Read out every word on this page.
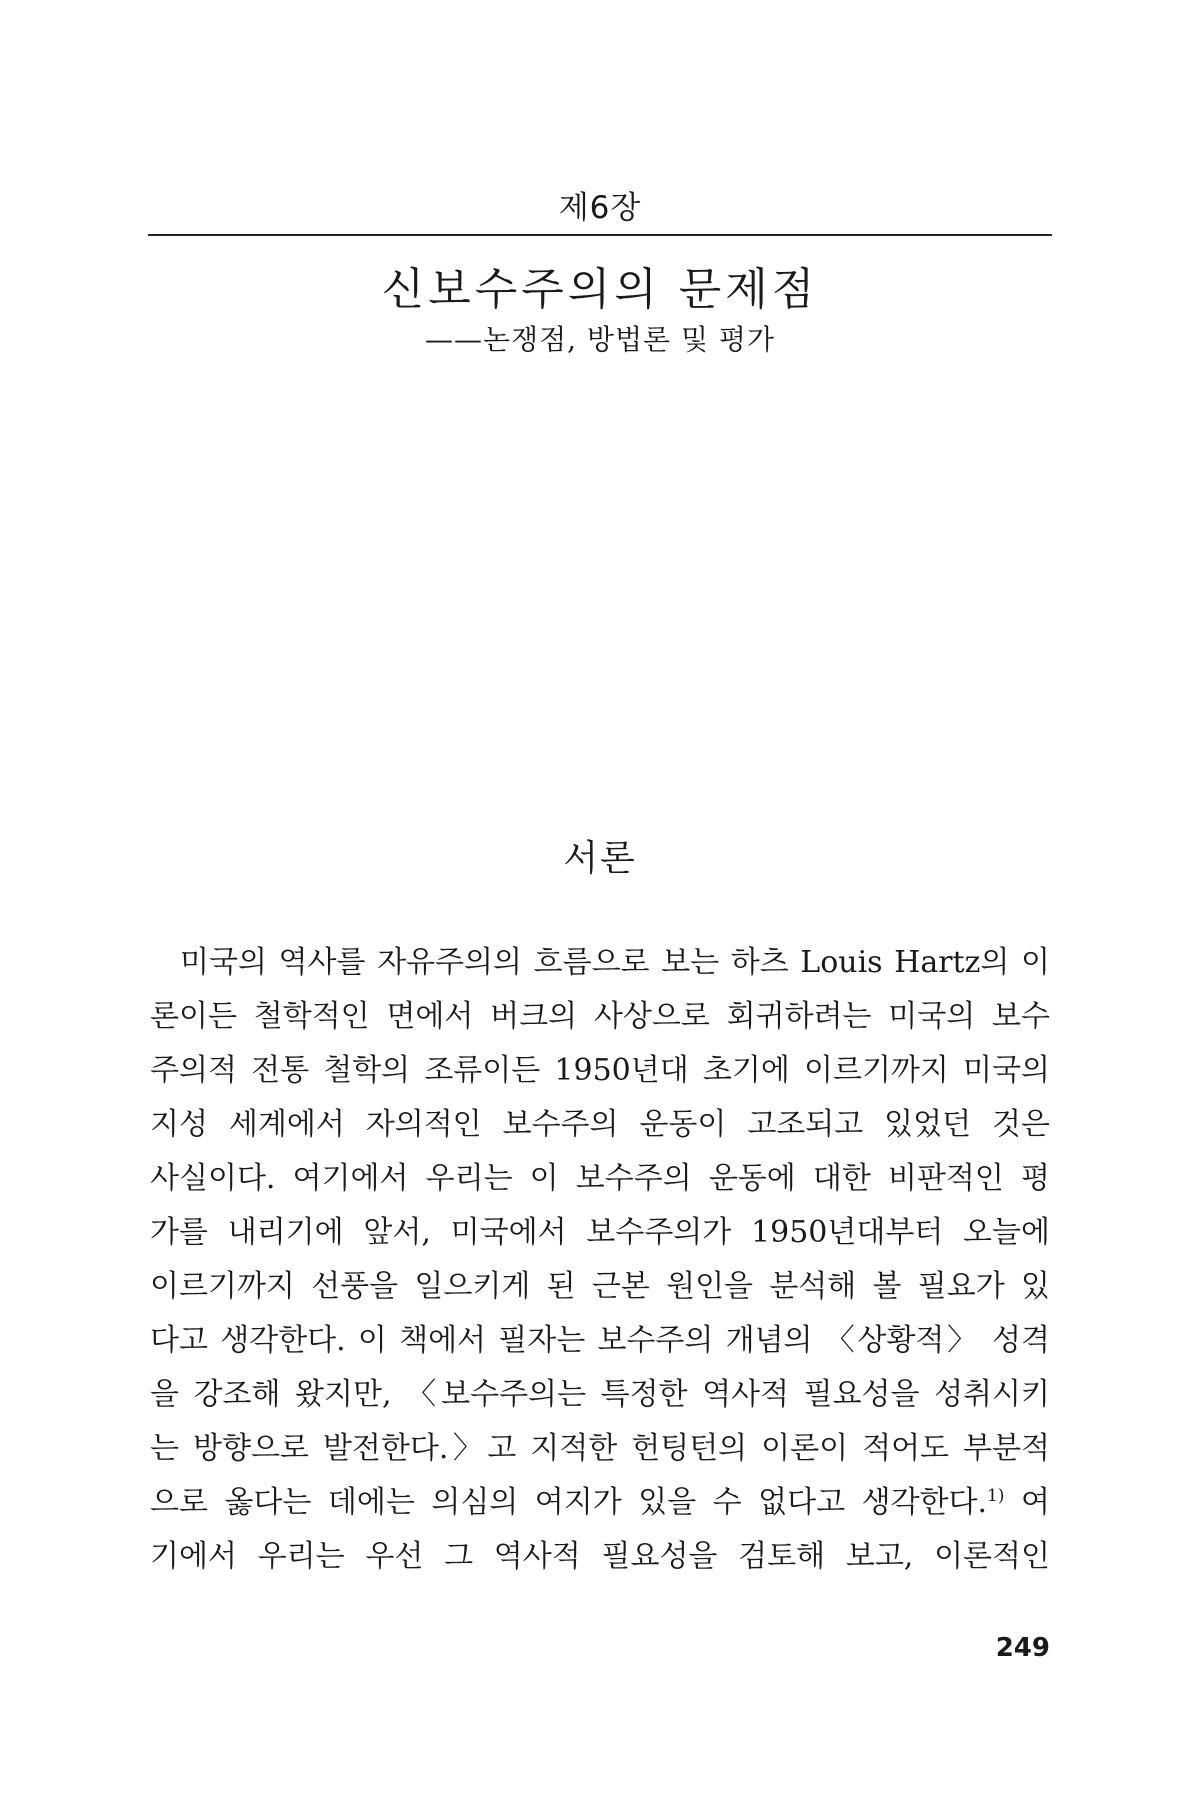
제6장
신보수주의의 문제점
——논쟁점, 방법론 및 평가
서론
미국의 역사를 자유주의의 흐름으로 보는 하츠 Louis Hartz의 이
론이든 철학적인 면에서 버크의 사상으로 회귀하려는 미국의 보수
주의적 전통 철학의 조류이든 1950년대 초기에 이르기까지 미국의
지성 세계에서 자의적인 보수주의 운동이 고조되고 있었던 것은
사실이다. 여기에서 우리는 이 보수주의 운동에 대한 비판적인 평
가를 내리기에 앞서, 미국에서 보수주의가 1950년대부터 오늘에
이르기까지 선풍을 일으키게 된 근본 원인을 분석해 볼 필요가 있
다고 생각한다. 이 책에서 필자는 보수주의 개념의 〈상황적〉 성격
을 강조해 왔지만, 〈보수주의는 특정한 역사적 필요성을 성취시키
는 방향으로 발전한다.〉고 지적한 헌팅턴의 이론이 적어도 부분적
으로 옳다는 데에는 의심의 여지가 있을 수 없다고 생각한다.$^{1)}$ 여
기에서 우리는 우선 그 역사적 필요성을 검토해 보고, 이론적인
249
